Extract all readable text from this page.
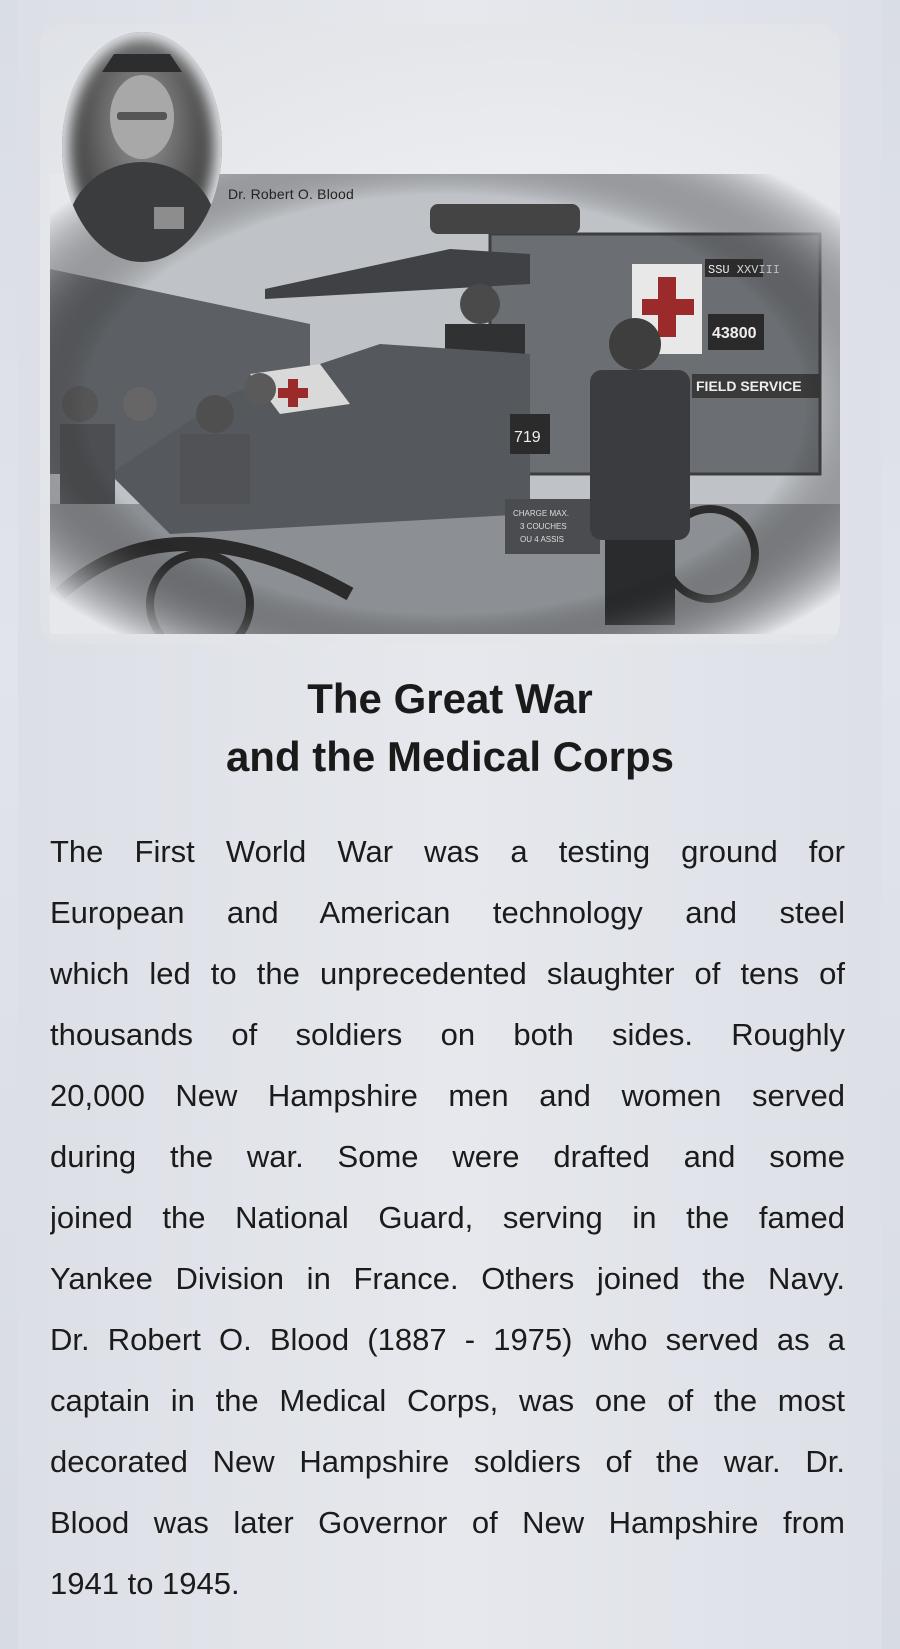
Dr. Robert O. Blood
The Great War
and the Medical Corps
The First World War was a testing ground for
European and American technology and steel
which led to the unprecedented slaughter of tens of
thousands of soldiers on both sides. Roughly
20,000 New Hampshire men and women served
during the war. Some were drafted and some
joined the National Guard, serving in the famed
Yankee Division in France. Others joined the Navy.
Dr. Robert O. Blood (1887 - 1975) who served as a
captain in the Medical Corps, was one of the most
decorated New Hampshire soldiers of the war. Dr.
Blood was later Governor of New Hampshire from
1941 to 1945.
